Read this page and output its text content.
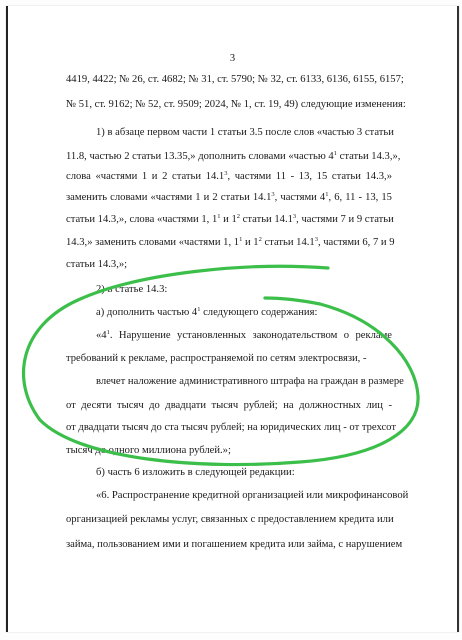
3
4419, 4422; № 26, ст. 4682; № 31, ст. 5790; № 32, ст. 6133, 6136, 6155, 6157;
№ 51, ст. 9162; № 52, ст. 9509; 2024, № 1, ст. 19, 49) следующие изменения:
1) в абзаце первом части 1 статьи 3.5 после слов «частью 3 статьи
11.8, частью 2 статьи 13.35,» дополнить словами «частью $4^1$ статьи 14.3,»,
слова «частями 1 и 2 статьи 14.1$^3$, частями 11 - 13, 15 статьи 14.3,»
заменить словами «частями 1 и 2 статьи 14.1$^3$, частями $4^1$, 6, 11 - 13, 15
статьи 14.3,», слова «частями 1, $1^1$ и $1^2$ статьи 14.1$^3$, частями 7 и 9 статьи
14.3,» заменить словами «частями 1, $1^1$ и $1^2$ статьи 14.1$^3$, частями 6, 7 и 9
статьи 14.3,»;
2) в статье 14.3:
а) дополнить частью $4^1$ следующего содержания:
«$4^1$. Нарушение установленных законодательством о рекламе
требований к рекламе, распространяемой по сетям электросвязи, -
влечет наложение административного штрафа на граждан в размере
от десяти тысяч до двадцати тысяч рублей; на должностных лиц -
от двадцати тысяч до ста тысяч рублей; на юридических лиц - от трехсот
тысяч до одного миллиона рублей.»;
б) часть 6 изложить в следующей редакции:
«6. Распространение кредитной организацией или микрофинансовой
организацией рекламы услуг, связанных с предоставлением кредита или
займа, пользованием ими и погашением кредита или займа, с нарушением
